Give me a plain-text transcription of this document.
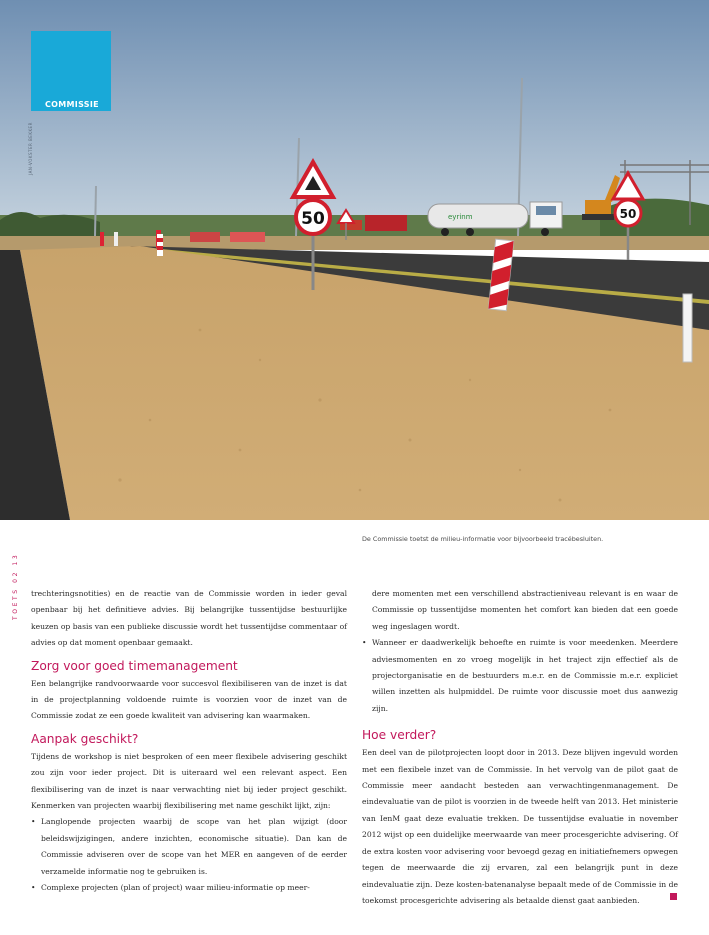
eyrinm
50	50
COMMISSIE
JAN-VOKSTER BEKKER
De Commissie toetst de milieu-informatie voor bijvoorbeeld tracébesluiten.
TOETS 02 13 trechteringsnotities) en de reactie van de Commissie worden in ieder geval openbaar bij het definitieve advies. Bij belangrijke tussentijdse bestuurlijke keuzen op basis van een publieke discussie wordt het tussentijdse commentaar of advies op dat moment openbaar gemaakt.

Zorg voor goed timemanagement

Een belangrijke randvoorwaarde voor succesvol flexibiliseren van de inzet is dat in de projectplanning voldoende ruimte is voorzien voor de inzet van de Commissie zodat ze een goede kwaliteit van advisering kan waarmaken.

Aanpak geschikt?

Tijdens de workshop is niet besproken of een meer flexibele advisering geschikt zou zijn voor ieder project. Dit is uiteraard wel een relevant aspect. Een flexibilisering van de inzet is naar verwachting niet bij ieder project geschikt. Kenmerken van projecten waarbij flexibilisering met name geschikt lijkt, zijn:

• Langlopende projecten waarbij de scope van het plan wijzigt (door beleidswijzigingen, andere inzichten, economische situatie). Dan kan de Commissie adviseren over de scope van het MER en aangeven of de eerder verzamelde informatie nog te gebruiken is.
• Complexe projecten (plan of project) waar milieu-informatie op meer-

dere momenten met een verschillend abstractieniveau relevant is en waar de Commissie op tussentijdse momenten het comfort kan bieden dat een goede weg ingeslagen wordt.

• Wanneer er daadwerkelijk behoefte en ruimte is voor meedenken. Meerdere adviesmomenten en zo vroeg mogelijk in het traject zijn effectief als de projectorganisatie en de bestuurders m.e.r. en de Commissie m.e.r. expliciet willen inzetten als hulpmiddel. De ruimte voor discussie moet dus aanwezig zijn.
Hoe verder?

Een deel van de pilotprojecten loopt door in 2013. Deze blijven ingevuld worden met een flexibele inzet van de Commissie. In het vervolg van de pilot gaat de Commissie meer aandacht besteden aan verwachtingenmanagement. De eindevaluatie van de pilot is voorzien in de tweede helft van 2013. Het ministerie van IenM gaat deze evaluatie trekken. De tussentijdse evaluatie in november 2012 wijst op een duidelijke meerwaarde van meer procesgerichte advisering. Of de extra kosten voor advisering voor bevoegd gezag en initiatiefnemers opwegen tegen de meerwaarde die zij ervaren, zal een belangrijk punt in deze eindevaluatie zijn. Deze kosten-batenanalyse bepaalt mede of de Commissie in de toekomst procesgerichte advisering als betaalde dienst gaat aanbieden.
